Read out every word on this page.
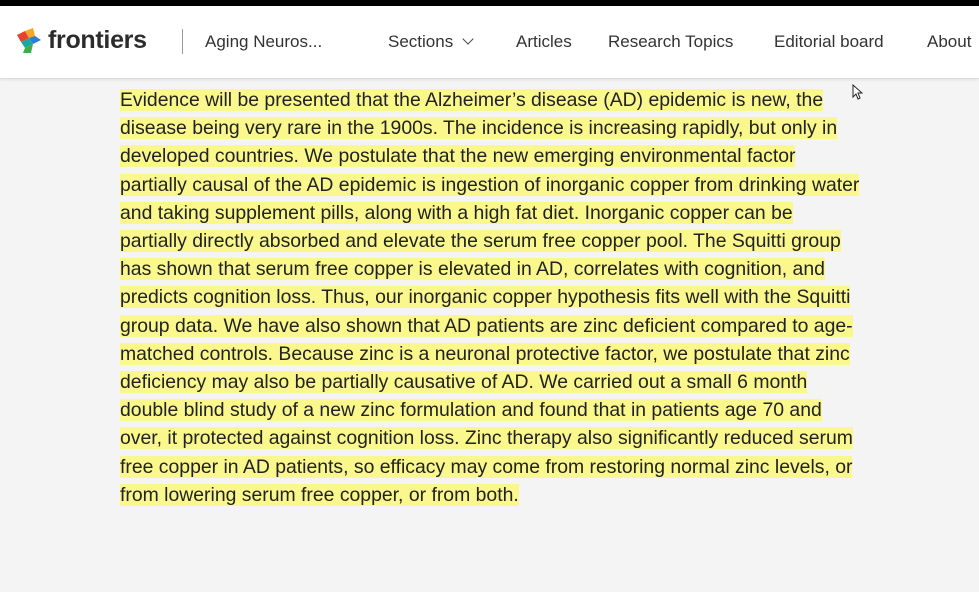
frontiers	Aging Neuros...	Sections	Articles Research Topics Editorial board	About
Evidence will be presented that the Alzheimer’s disease (AD) epidemic is new, the disease being very rare in the 1900s. The incidence is increasing rapidly, but only in developed countries. We postulate that the new emerging environmental factor partially causal of the AD epidemic is ingestion of inorganic copper from drinking water and taking supplement pills, along with a high fat diet. Inorganic copper can be partially directly absorbed and elevate the serum free copper pool. The Squitti group has shown that serum free copper is elevated in AD, correlates with cognition, and predicts cognition loss. Thus, our inorganic copper hypothesis fits well with the Squitti group data. We have also shown that AD patients are zinc deficient compared to age-matched controls. Because zinc is a neuronal protective factor, we postulate that zinc deficiency may also be partially causative of AD. We carried out a small 6 month double blind study of a new zinc formulation and found that in patients age 70 and over, it protected against cognition loss. Zinc therapy also significantly reduced serum free copper in AD patients, so efficacy may come from restoring normal zinc levels, or from lowering serum free copper, or from both.
